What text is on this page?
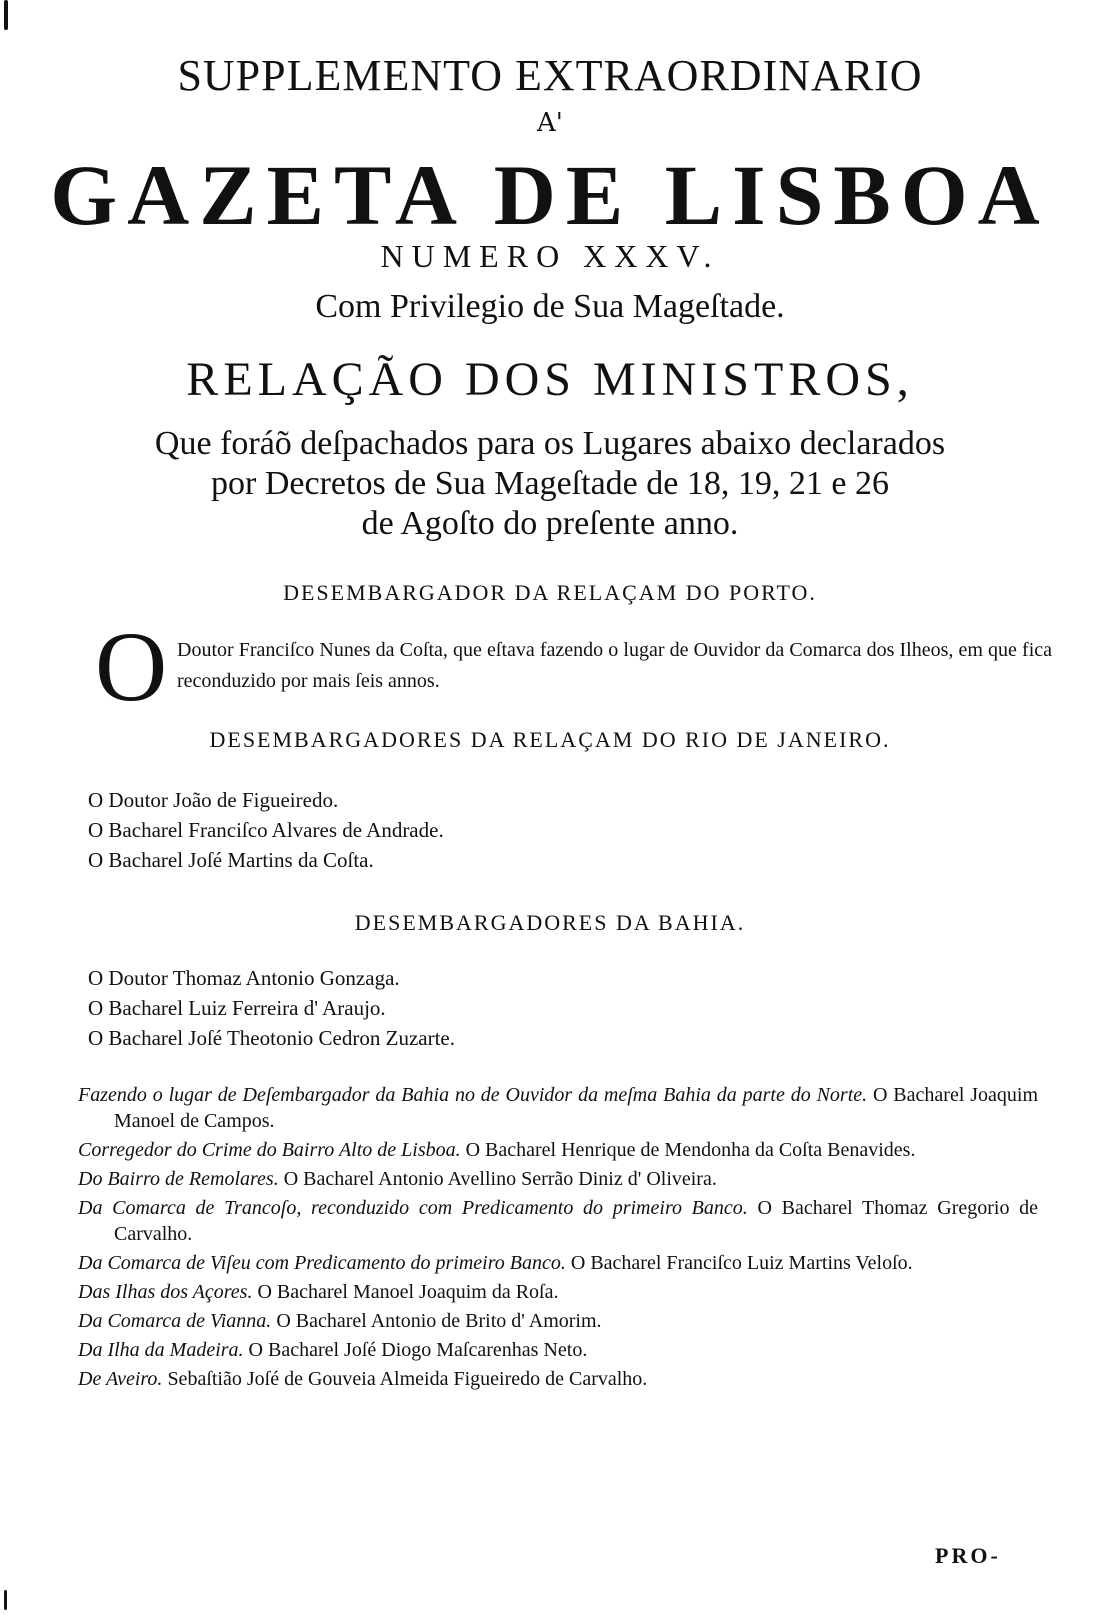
SUPPLEMENTO EXTRAORDINARIO
A'
GAZETA DE LISBOA
NUMERO XXXV.
Com Privilegio de Sua Mageſtade.
RELAÇÃO DOS MINISTROS,
Que foráõ deſpachados para os Lugares abaixo declarados
por Decretos de Sua Mageſtade de 18, 19, 21 e 26
de Agoſto do preſente anno.
DESEMBARGADOR DA RELAÇAM DO PORTO.
O Doutor Franciſco Nunes da Coſta, que eſtava fazendo o lugar de Ouvidor da Comarca dos Ilheos, em que fica reconduzido por mais ſeis annos.
DESEMBARGADORES DA RELAÇAM DO RIO DE JANEIRO.
O Doutor João de Figueiredo.
O Bacharel Franciſco Alvares de Andrade.
O Bacharel Joſé Martins da Coſta.
DESEMBARGADORES DA BAHIA.
O Doutor Thomaz Antonio Gonzaga.
O Bacharel Luiz Ferreira d' Araujo.
O Bacharel Joſé Theotonio Cedron Zuzarte.
Fazendo o lugar de Deſembargador da Bahia no de Ouvidor da meſma Bahia da parte do Norte. O Bacharel Joaquim Manoel de Campos.
Corregedor do Crime do Bairro Alto de Lisboa. O Bacharel Henrique de Mendonha da Coſta Benavides.
Do Bairro de Remolares. O Bacharel Antonio Avellino Serrão Diniz d' Oliveira.
Da Comarca de Trancoſo, reconduzido com Predicamento do primeiro Banco. O Bacharel Thomaz Gregorio de Carvalho.
Da Comarca de Viſeu com Predicamento do primeiro Banco. O Bacharel Franciſco Luiz Martins Veloſo.
Das Ilhas dos Açores. O Bacharel Manoel Joaquim da Roſa.
Da Comarca de Vianna. O Bacharel Antonio de Brito d' Amorim.
Da Ilha da Madeira. O Bacharel Joſé Diogo Maſcarenhas Neto.
De Aveiro. Sebaſtião Joſé de Gouveia Almeida Figueiredo de Carvalho.
PRO-
